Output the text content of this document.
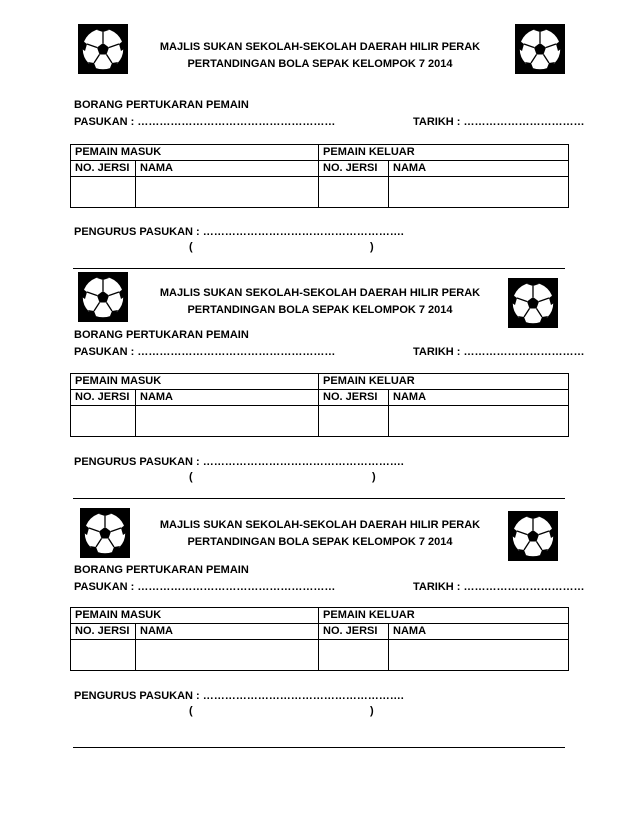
MAJLIS SUKAN SEKOLAH-SEKOLAH DAERAH HILIR PERAK
PERTANDINGAN BOLA SEPAK KELOMPOK 7 2014
BORANG PERTUKARAN PEMAIN
PASUKAN : ………………………………………………	TARIKH : ……………………………
PEMAIN MASUK		PEMAIN KELUAR	
NO. JERSI	NAMA	NO. JERSI	NAMA

PENGURUS PASUKAN : ……………………………………………….
(	)
MAJLIS SUKAN SEKOLAH-SEKOLAH DAERAH HILIR PERAK
PERTANDINGAN BOLA SEPAK KELOMPOK 7 2014
BORANG PERTUKARAN PEMAIN
PASUKAN : ………………………………………………	TARIKH : ……………………………
PEMAIN MASUK		PEMAIN KELUAR	
NO. JERSI	NAMA	NO. JERSI	NAMA

PENGURUS PASUKAN : ……………………………………………….
(	)
MAJLIS SUKAN SEKOLAH-SEKOLAH DAERAH HILIR PERAK
PERTANDINGAN BOLA SEPAK KELOMPOK 7 2014
BORANG PERTUKARAN PEMAIN
PASUKAN : ………………………………………………	TARIKH : ……………………………
PEMAIN MASUK		PEMAIN KELUAR	
NO. JERSI	NAMA	NO. JERSI	NAMA

PENGURUS PASUKAN : ……………………………………………….
(	)
